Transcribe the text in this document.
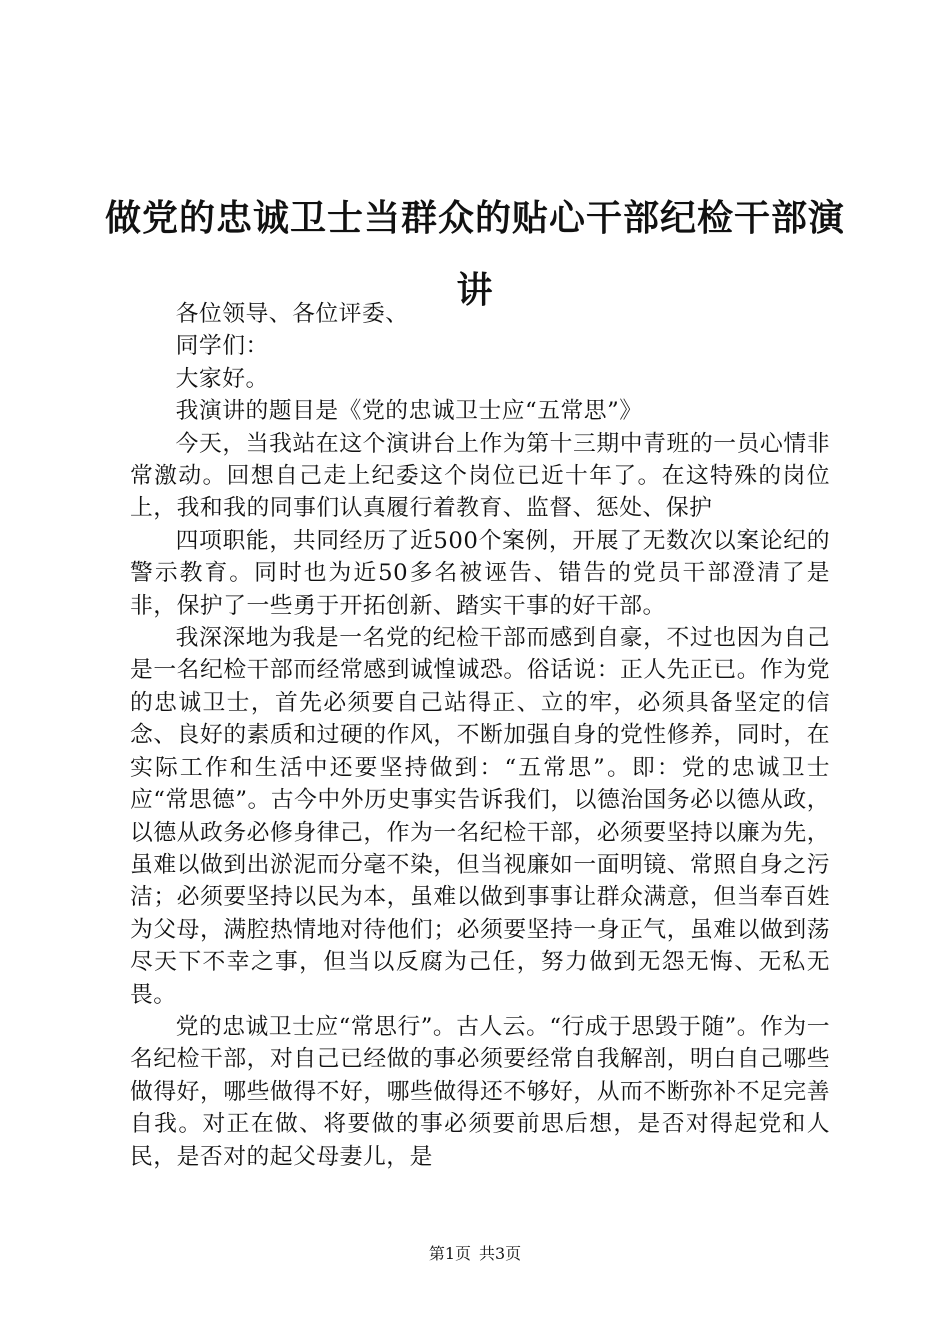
做党的忠诚卫士当群众的贴心干部纪检干部演讲

各位领导、各位评委、

同学们：

大家好。

我演讲的题目是《党的忠诚卫士应“五常思”》

今天，当我站在这个演讲台上作为第十三期中青班的一员心情非常激动。回想自己走上纪委这个岗位已近十年了。在这特殊的岗位上，我和我的同事们认真履行着教育、监督、惩处、保护

四项职能，共同经历了近500个案例，开展了无数次以案论纪的警示教育。同时也为近50多名被诬告、错告的党员干部澄清了是非，保护了一些勇于开拓创新、踏实干事的好干部。

我深深地为我是一名党的纪检干部而感到自豪，不过也因为自己是一名纪检干部而经常感到诚惶诚恐。俗话说：正人先正已。作为党的忠诚卫士，首先必须要自己站得正、立的牢，必须具备坚定的信念、良好的素质和过硬的作风，不断加强自身的党性修养，同时，在实际工作和生活中还要坚持做到：“五常思”。即：党的忠诚卫士应“常思德”。古今中外历史事实告诉我们，以德治国务必以德从政，以德从政务必修身律己，作为一名纪检干部，必须要坚持以廉为先，虽难以做到出淤泥而分毫不染，但当视廉如一面明镜、常照自身之污洁；必须要坚持以民为本，虽难以做到事事让群众满意，但当奉百姓为父母，满腔热情地对待他们；必须要坚持一身正气，虽难以做到荡尽天下不幸之事，但当以反腐为己任，努力做到无怨无悔、无私无畏。

党的忠诚卫士应“常思行”。古人云。“行成于思毁于随”。作为一名纪检干部，对自己已经做的事必须要经常自我解剖，明白自己哪些做得好，哪些做得不好，哪些做得还不够好，从而不断弥补不足完善自我。对正在做、将要做的事必须要前思后想，是否对得起党和人民，是否对的起父母妻儿，是

第1页 共3页
